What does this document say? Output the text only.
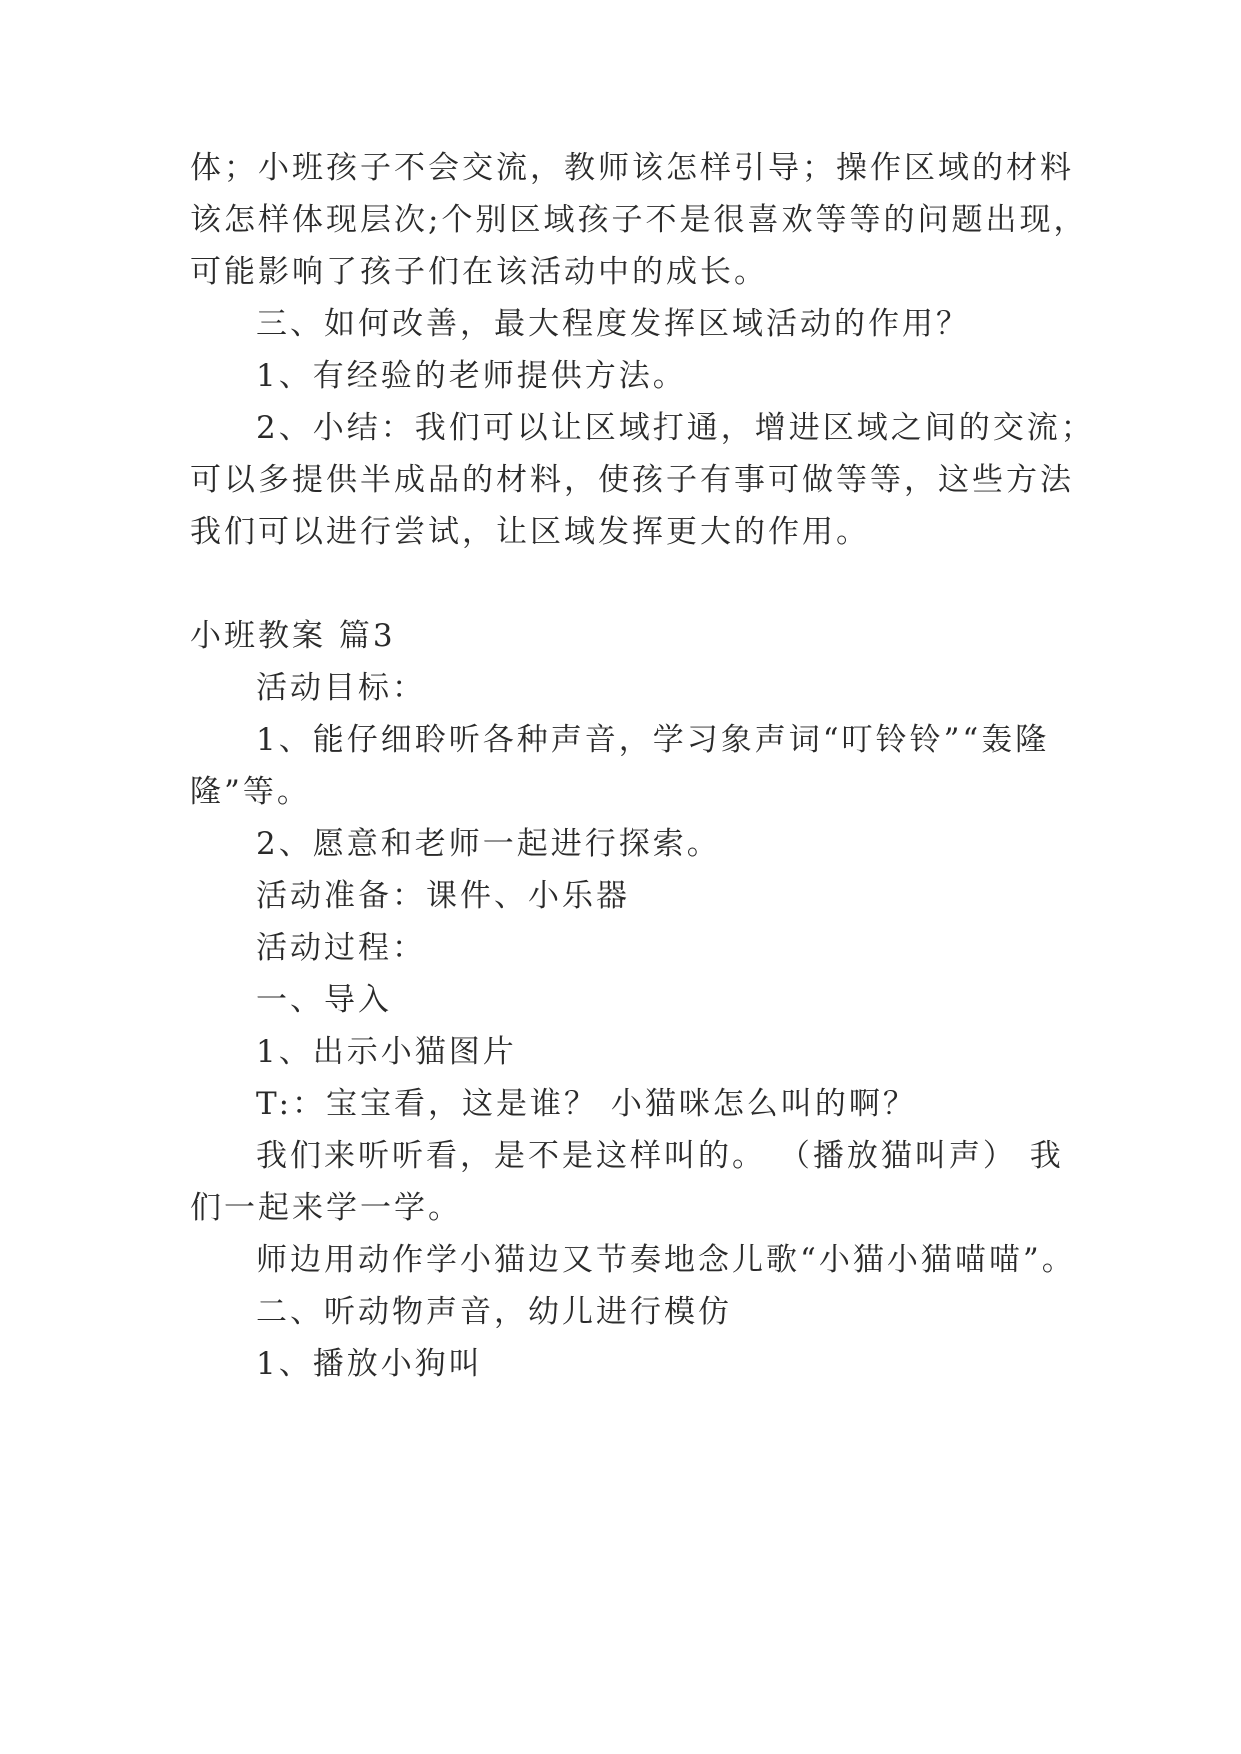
体；小班孩子不会交流，教师该怎样引导；操作区域的材料
该怎样体现层次;个别区域孩子不是很喜欢等等的问题出现，
可能影响了孩子们在该活动中的成长。
三、如何改善，最大程度发挥区域活动的作用？
1、有经验的老师提供方法。
2、小结：我们可以让区域打通，增进区域之间的交流；
可以多提供半成品的材料，使孩子有事可做等等，这些方法
我们可以进行尝试，让区域发挥更大的作用。
小班教案 篇3
活动目标：
1、能仔细聆听各种声音，学习象声词“叮铃铃”“轰隆
隆”等。
2、愿意和老师一起进行探索。
活动准备：课件、小乐器
活动过程：
一、导入
1、出示小猫图片
T:：宝宝看，这是谁？ 小猫咪怎么叫的啊？
我们来听听看，是不是这样叫的。 （播放猫叫声） 我
们一起来学一学。
师边用动作学小猫边又节奏地念儿歌“小猫小猫喵喵”。
二、听动物声音，幼儿进行模仿
1、播放小狗叫
